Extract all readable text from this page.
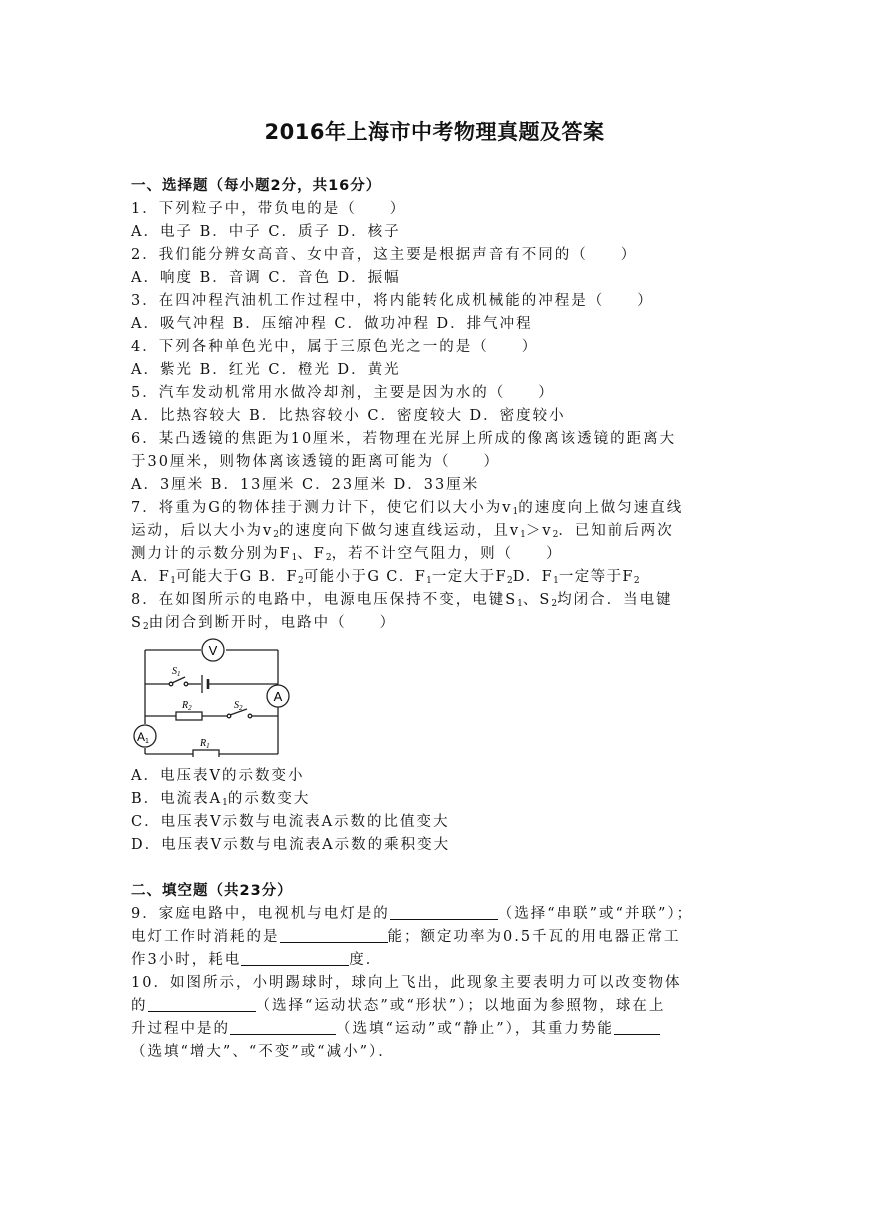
2016年上海市中考物理真题及答案
一、选择题（每小题2分，共16分）
1．下列粒子中，带负电的是（　　）
A．电子 B．中子 C．质子 D．核子
2．我们能分辨女高音、女中音，这主要是根据声音有不同的（　　）
A．响度 B．音调 C．音色 D．振幅
3．在四冲程汽油机工作过程中，将内能转化成机械能的冲程是（　　）
A．吸气冲程 B．压缩冲程 C．做功冲程 D．排气冲程
4．下列各种单色光中，属于三原色光之一的是（　　）
A．紫光 B．红光 C．橙光 D．黄光
5．汽车发动机常用水做冷却剂，主要是因为水的（　　）
A．比热容较大 B．比热容较小 C．密度较大 D．密度较小
6．某凸透镜的焦距为10厘米，若物理在光屏上所成的像离该透镜的距离大
于30厘米，则物体离该透镜的距离可能为（　　）
A．3厘米 B．13厘米 C．23厘米 D．33厘米
7．将重为G的物体挂于测力计下，使它们以大小为$v_1$的速度向上做匀速直线
运动，后以大小为$v_2$的速度向下做匀速直线运动，且$v_1>v_2$．已知前后两次
测力计的示数分别为$F_1$、$F_2$，若不计空气阻力，则（　　）
A．$F_1$可能大于G B．$F_2$可能小于G C．$F_1$一定大于$F_2D$．$F_1$一定等于$F_2$
8．在如图所示的电路中，电源电压保持不变，电键$S_1$、$S_2$均闭合．当电键
$S_2$由闭合到断开时，电路中（　　）
V
$S_1$
A
$R_2$	$S_2$
A1	$R_1$
A．电压表V的示数变小
B．电流表$A_1$的示数变大
C．电压表V示数与电流表A示数的比值变大
D．电压表V示数与电流表A示数的乘积变大
二、填空题（共23分）
9．家庭电路中，电视机与电灯是的	（选择“串联”或“并联”）；
电灯工作时消耗的是	能；额定功率为0.5千瓦的用电器正常工
作3小时，耗电	度．
10．如图所示，小明踢球时，球向上飞出，此现象主要表明力可以改变物体
的	（选择“运动状态”或“形状”）；以地面为参照物，球在上
升过程中是的	（选填“运动”或“静止”），其重力势能
（选填“增大”、“不变”或“减小”）．
